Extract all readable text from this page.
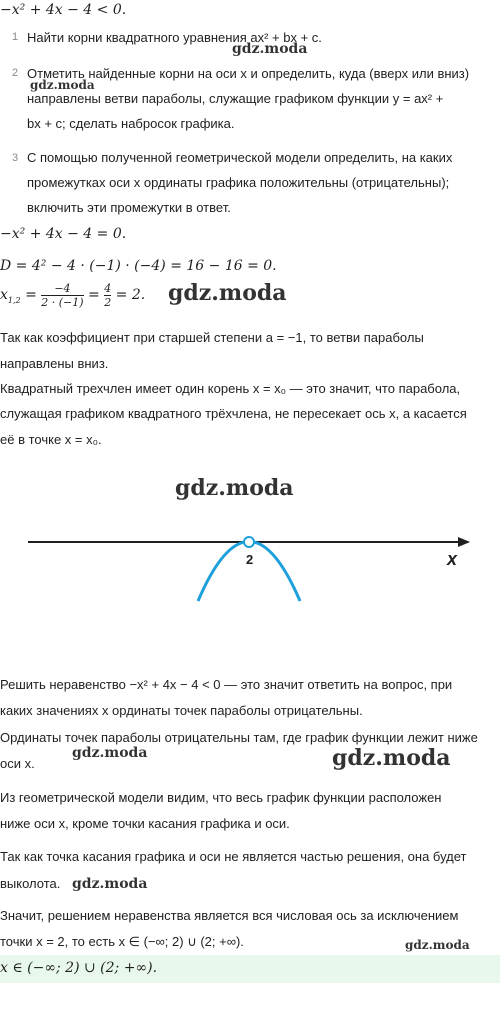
−x² + 4x − 4 < 0.
1 Найти корни квадратного уравнения ax² + bx + c.
2 Отметить найденные корни на оси x и определить, куда (вверх или вниз)
направлены ветви параболы, служащие графиком функции y = ax² +
bx + c; сделать набросок графика.
3 С помощью полученной геометрической модели определить, на каких
промежутках оси x ординаты графика положительны (отрицательны);
включить эти промежутки в ответ.
−x² + 4x − 4 = 0.
D = 4² − 4 · (−1) · (−4) = 16 − 16 = 0.
$x_{1,2} = \frac{-4}{2 \cdot (-1)} = \frac{4}{2} = 2$.
Так как коэффициент при старшей степени a = −1, то ветви параболы
направлены вниз.
Квадратный трехчлен имеет один корень x = x₀ — это значит, что парабола,
служащая графиком квадратного трёхчлена, не пересекает ось x, а касается
её в точке x = x₀.
2	x
Решить неравенство −x² + 4x − 4 < 0 — это значит ответить на вопрос, при
каких значениях x ординаты точек параболы отрицательны.
Ординаты точек параболы отрицательны там, где график функции лежит ниже
оси x.
Из геометрической модели видим, что весь график функции расположен
ниже оси x, кроме точки касания графика и оси.
Так как точка касания графика и оси не является частью решения, она будет
выколота.
Значит, решением неравенства является вся числовая ось за исключением
точки x = 2, то есть x ∈ (−∞; 2) ∪ (2; +∞).
x ∈ (−∞; 2) ∪ (2; +∞).
gdz.moda
gdz.moda
gdz.moda
gdz.moda
gdz.moda	gdz.moda
gdz.moda
gdz.moda
